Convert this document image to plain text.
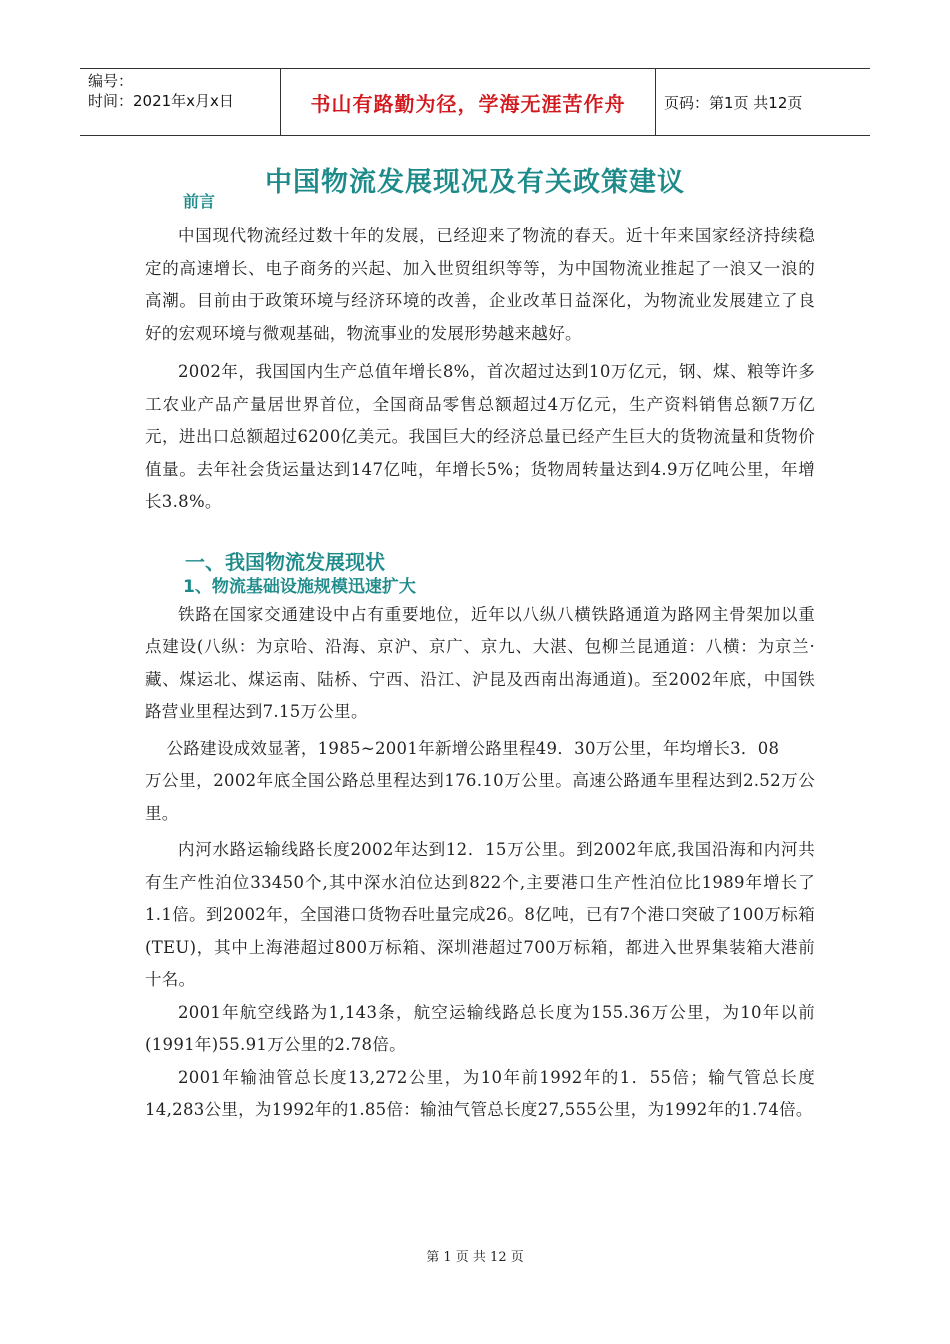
编号：
时间：2021年x月x日	书山有路勤为径，学海无涯苦作舟	页码：第1页 共12页
中国物流发展现况及有关政策建议
前言

中国现代物流经过数十年的发展，已经迎来了物流的春天。近十年来国家经济持续稳定的高速增长、电子商务的兴起、加入世贸组织等等，为中国物流业推起了一浪又一浪的高潮。目前由于政策环境与经济环境的改善，企业改革日益深化，为物流业发展建立了良好的宏观环境与微观基础，物流事业的发展形势越来越好。

2002年，我国国内生产总值年增长8%，首次超过达到10万亿元，钢、煤、粮等许多工农业产品产量居世界首位，全国商品零售总额超过4万亿元，生产资料销售总额7万亿元，进出口总额超过6200亿美元。我国巨大的经济总量已经产生巨大的货物流量和货物价值量。去年社会货运量达到147亿吨，年增长5%；货物周转量达到4.9万亿吨公里，年增长3.8%。

一、我国物流发展现状
1、物流基础设施规模迅速扩大

铁路在国家交通建设中占有重要地位，近年以八纵八横铁路通道为路网主骨架加以重点建设(八纵：为京哈、沿海、京沪、京广、京九、大湛、包柳兰昆通道：八横：为京兰·藏、煤运北、煤运南、陆桥、宁西、沿江、沪昆及西南出海通道)。至2002年底，中国铁路营业里程达到7.15万公里。

公路建设成效显著，1985~2001年新增公路里程49．30万公里，年均增长3．08

万公里，2002年底全国公路总里程达到176.10万公里。高速公路通车里程达到2.52万公里。

内河水路运输线路长度2002年达到12．15万公里。到2002年底,我国沿海和内河共有生产性泊位33450个,其中深水泊位达到822个,主要港口生产性泊位比1989年增长了1.1倍。到2002年，全国港口货物吞吐量完成26。8亿吨，已有7个港口突破了100万标箱(TEU)，其中上海港超过800万标箱、深圳港超过700万标箱，都进入世界集装箱大港前十名。

2001年航空线路为1,143条，航空运输线路总长度为155.36万公里，为10年以前(1991年)55.91万公里的2.78倍。

2001年输油管总长度13,272公里，为10年前1992年的1．55倍；输气管总长度14,283公里，为1992年的1.85倍：输油气管总长度27,555公里，为1992年的1.74倍。

第 1 页 共 12 页
